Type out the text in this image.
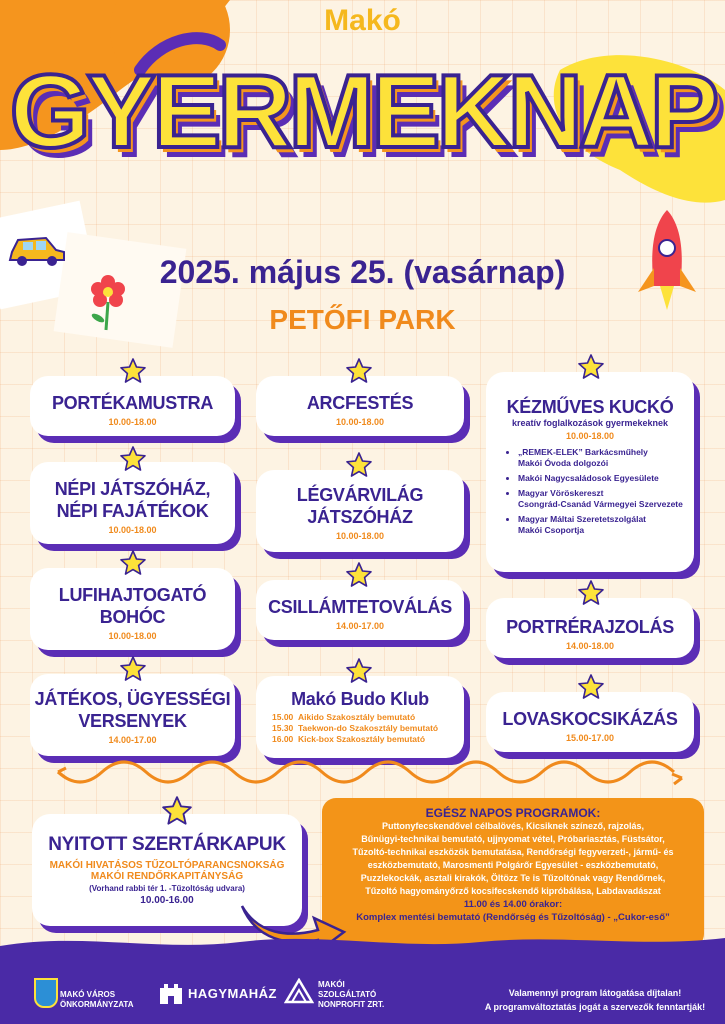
Makó
GYERMEKNAP
2025. május 25. (vasárnap)
PETŐFI PARK
PORTÉKAMUSTRA
10.00-18.00
NÉPI JÁTSZÓHÁZ,
NÉPI FAJÁTÉKOK
10.00-18.00
LUFIHAJTOGATÓ
BOHÓC
10.00-18.00
JÁTÉKOS, ÜGYESSÉGI
VERSENYEK
14.00-17.00
ARCFESTÉS
10.00-18.00
LÉGVÁRVILÁG
JÁTSZÓHÁZ
10.00-18.00
CSILLÁMTETOVÁLÁS
14.00-17.00
Makó Budo Klub
15.00 Aikido Szakosztály bemutató
15.30 Taekwon-do Szakosztály bemutató
16.00 Kick-box Szakosztály bemutató
KÉZMŰVES KUCKÓ
kreatív foglalkozások gyermekeknek
10.00-18.00
• „REMEK-ELEK” Barkácsműhely
Makói Óvoda dolgozói
• Makói Nagycsaládosok Egyesülete
• Magyar Vöröskereszt
Csongrád-Csanád Vármegyei Szervezete
• Magyar Máltai Szeretetszolgálat
Makói Csoportja
PORTRÉRAJZOLÁS
14.00-18.00
LOVASKOCSIKÁZÁS
15.00-17.00
NYITOTT SZERTÁRKAPUK
MAKÓI HIVATÁSOS TŰZOLTÓPARANCSNOKSÁG
MAKÓI RENDŐRKAPITÁNYSÁG
(Vorhand rabbi tér 1. -Tűzoltóság udvara)
10.00-16.00
EGÉSZ NAPOS PROGRAMOK:
Puttonyfecskendővel célbalövés, Kicsiknek színező, rajzolás,
Bűnügyi-technikai bemutató, ujjnyomat vétel, Próbariasztás, Füstsátor,
Tűzoltó-technikai eszközök bemutatása, Rendőrségi fegyverzeti-, jármű- és
eszközbemutató, Marosmenti Polgárőr Egyesület - eszközbemutató,
Puzzlekockák, asztali kirakók, Öltözz Te is Tűzoltónak vagy Rendőrnek,
Tűzoltó hagyományőrző kocsifecskendő kipróbálása, Labdavadászat
11.00 és 14.00 órakor:
Komplex mentési bemutató (Rendőrség és Tűzoltóság) - „Cukor-eső”
MAKÓ VÁROS
ÖNKORMÁNYZATA
HAGYMAHÁZ
MAKÓI
SZOLGÁLTATÓ
NONPROFIT ZRT.
Valamennyi program látogatása díjtalan!
A programváltoztatás jogát a szervezők fenntartják!
